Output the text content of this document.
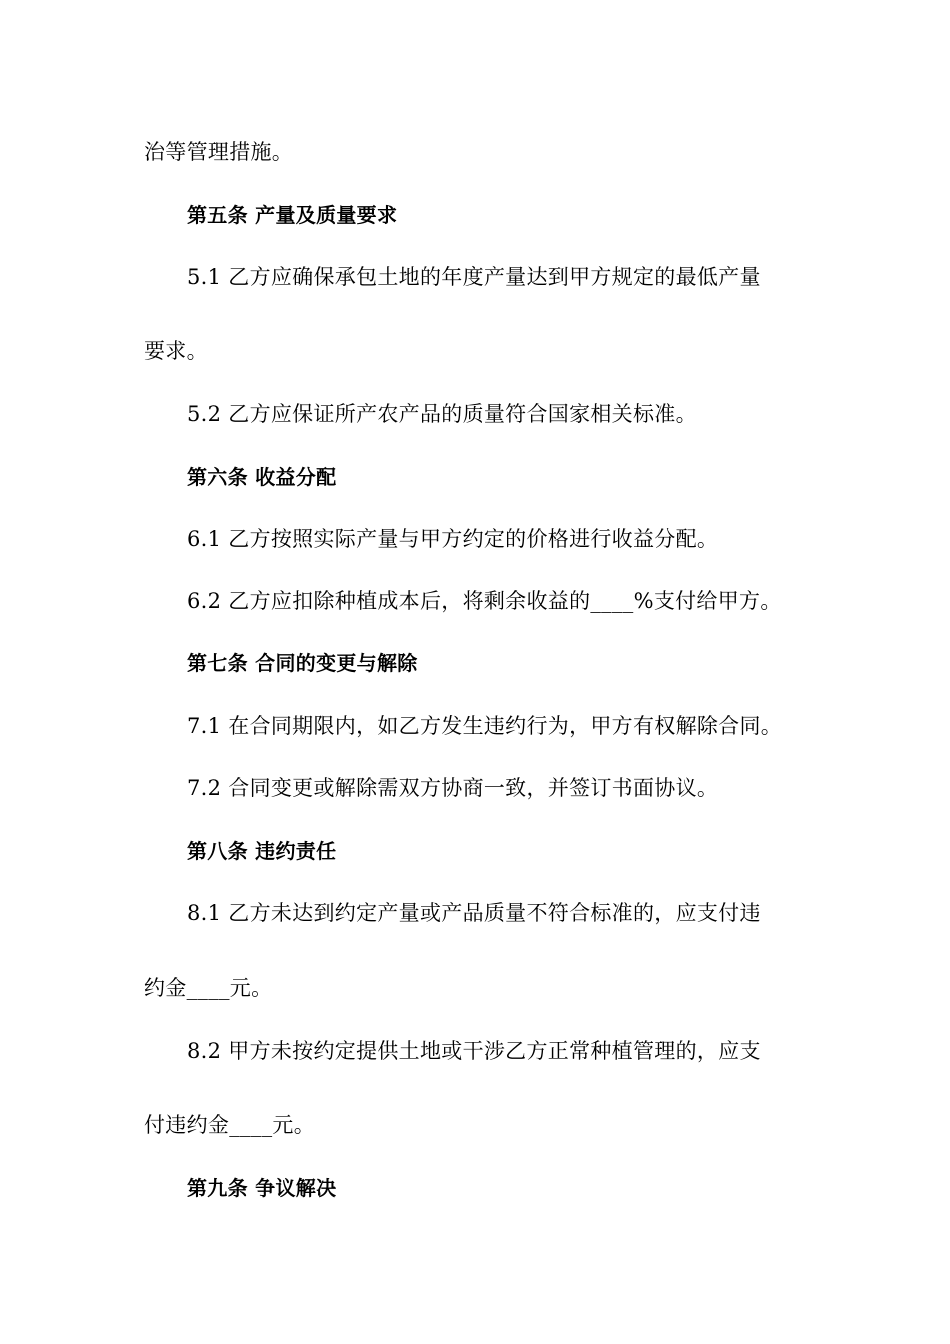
治等管理措施。
第五条 产量及质量要求
5.1 乙方应确保承包土地的年度产量达到甲方规定的最低产量
要求。
5.2 乙方应保证所产农产品的质量符合国家相关标准。
第六条 收益分配
6.1 乙方按照实际产量与甲方约定的价格进行收益分配。
6.2 乙方应扣除种植成本后，将剩余收益的____%支付给甲方。
第七条 合同的变更与解除
7.1 在合同期限内，如乙方发生违约行为，甲方有权解除合同。
7.2 合同变更或解除需双方协商一致，并签订书面协议。
第八条 违约责任
8.1 乙方未达到约定产量或产品质量不符合标准的，应支付违
约金____元。
8.2 甲方未按约定提供土地或干涉乙方正常种植管理的，应支
付违约金____元。
第九条 争议解决
